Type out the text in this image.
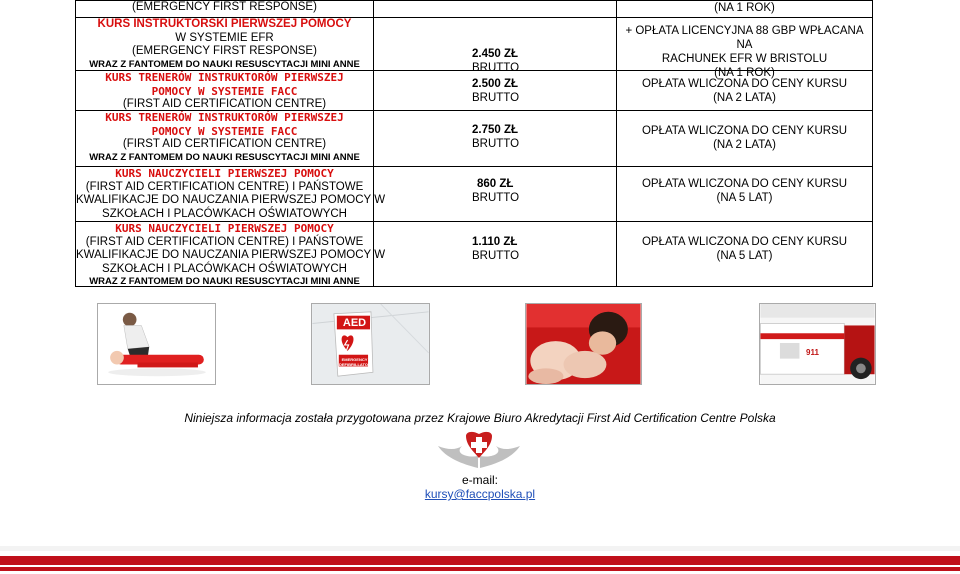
(EMERGENCY FIRST RESPONSE)
KURS INSTRUKTORSKI PIERWSZEJ POMOCY
W SYSTEMIE EFR
(EMERGENCY FIRST RESPONSE)
WRAZ Z FANTOMEM DO NAUKI RESUSCYTACJI MINI ANNE
KURS TRENERÓW INSTRUKTORÓW PIERWSZEJ
POMOCY W SYSTEMIE FACC
(FIRST AID CERTIFICATION CENTRE)
KURS TRENERÓW INSTRUKTORÓW PIERWSZEJ
POMOCY W SYSTEMIE FACC
(FIRST AID CERTIFICATION CENTRE)
WRAZ Z FANTOMEM DO NAUKI RESUSCYTACJI MINI ANNE
KURS NAUCZYCIELI PIERWSZEJ POMOCY
(FIRST AID CERTIFICATION CENTRE) I PAŃSTOWE
KWALIFIKACJE DO NAUCZANIA PIERWSZEJ POMOCY W
SZKOŁACH I PLACÓWKACH OŚWIATOWYCH
KURS NAUCZYCIELI PIERWSZEJ POMOCY
(FIRST AID CERTIFICATION CENTRE) I PAŃSTOWE
KWALIFIKACJE DO NAUCZANIA PIERWSZEJ POMOCY W
SZKOŁACH I PLACÓWKACH OŚWIATOWYCH
WRAZ Z FANTOMEM DO NAUKI RESUSCYTACJI MINI ANNE
2.450 ZŁ
BRUTTO
2.500 ZŁ
BRUTTO
2.750 ZŁ
BRUTTO
860 ZŁ
BRUTTO
1.110 ZŁ
BRUTTO
(NA 1 ROK)
+ OPŁATA LICENCYJNA 88 GBP WPŁACANA NA
RACHUNEK EFR W BRISTOLU
(NA 1 ROK)
OPŁATA WLICZONA DO CENY KURSU
(NA 2 LATA)
OPŁATA WLICZONA DO CENY KURSU
(NA 2 LATA)
OPŁATA WLICZONA DO CENY KURSU
(NA 5 LAT)
OPŁATA WLICZONA DO CENY KURSU
(NA 5 LAT)
AED
EMERGENCY DEFIBRILLATOR
911
Niniejsza informacja została przygotowana przez Krajowe Biuro Akredytacji First Aid Certification Centre Polska
e-mail:
kursy@faccpolska.pl
